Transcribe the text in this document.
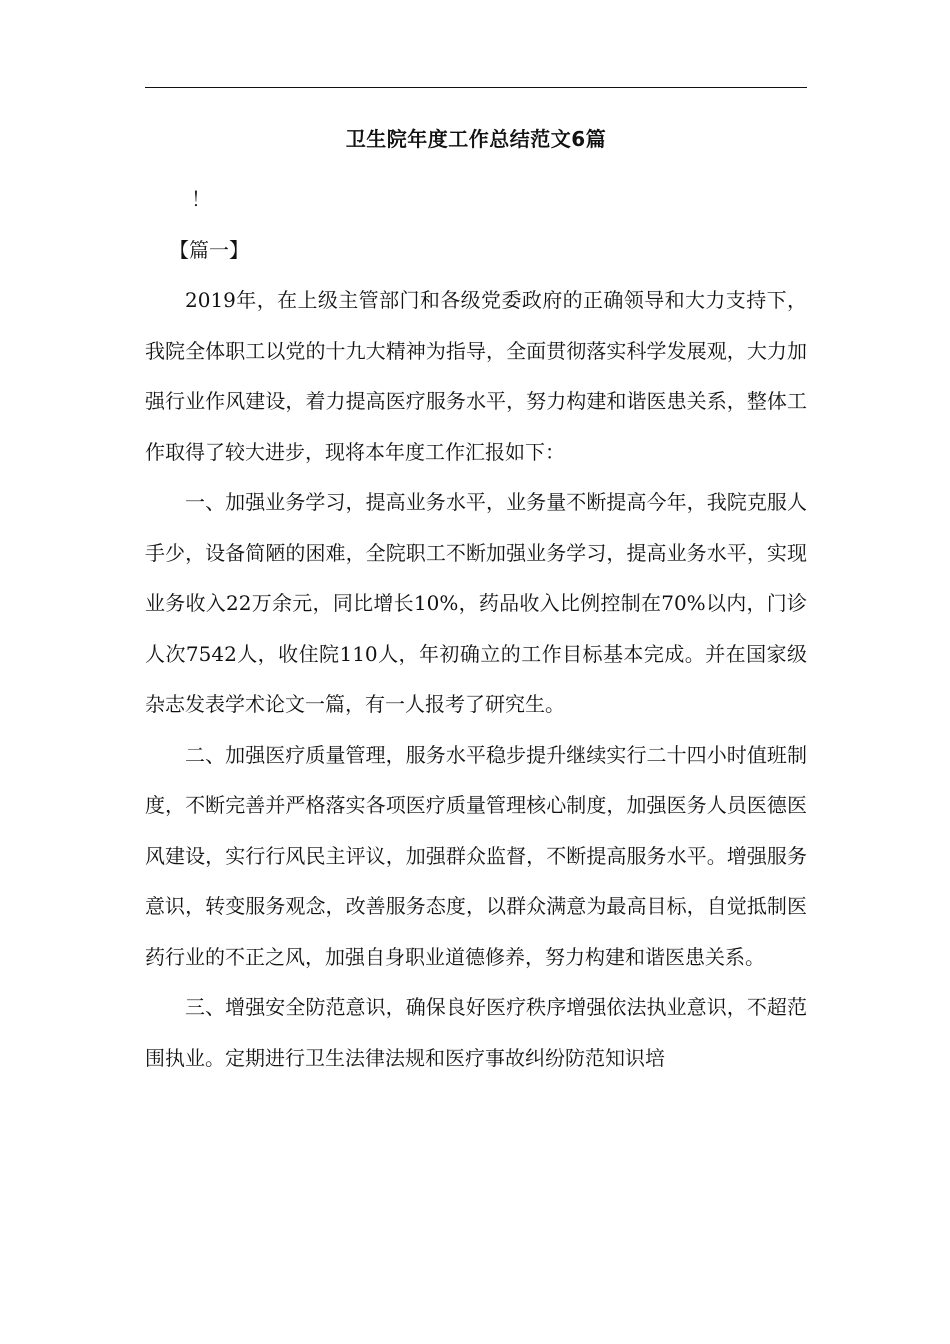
卫生院年度工作总结范文6篇

！

【篇一】

2019年，在上级主管部门和各级党委政府的正确领导和大力支持下，我院全体职工以党的十九大精神为指导，全面贯彻落实科学发展观，大力加强行业作风建设，着力提高医疗服务水平，努力构建和谐医患关系，整体工作取得了较大进步，现将本年度工作汇报如下：

一、加强业务学习，提高业务水平，业务量不断提高今年，我院克服人手少，设备简陋的困难，全院职工不断加强业务学习，提高业务水平，实现业务收入22万余元，同比增长10%，药品收入比例控制在70%以内，门诊人次7542人，收住院110人，年初确立的工作目标基本完成。并在国家级杂志发表学术论文一篇，有一人报考了研究生。

二、加强医疗质量管理，服务水平稳步提升继续实行二十四小时值班制度，不断完善并严格落实各项医疗质量管理核心制度，加强医务人员医德医风建设，实行行风民主评议，加强群众监督，不断提高服务水平。增强服务意识，转变服务观念，改善服务态度，以群众满意为最高目标，自觉抵制医药行业的不正之风，加强自身职业道德修养，努力构建和谐医患关系。

三、增强安全防范意识，确保良好医疗秩序增强依法执业意识，不超范围执业。定期进行卫生法律法规和医疗事故纠纷防范知识培
